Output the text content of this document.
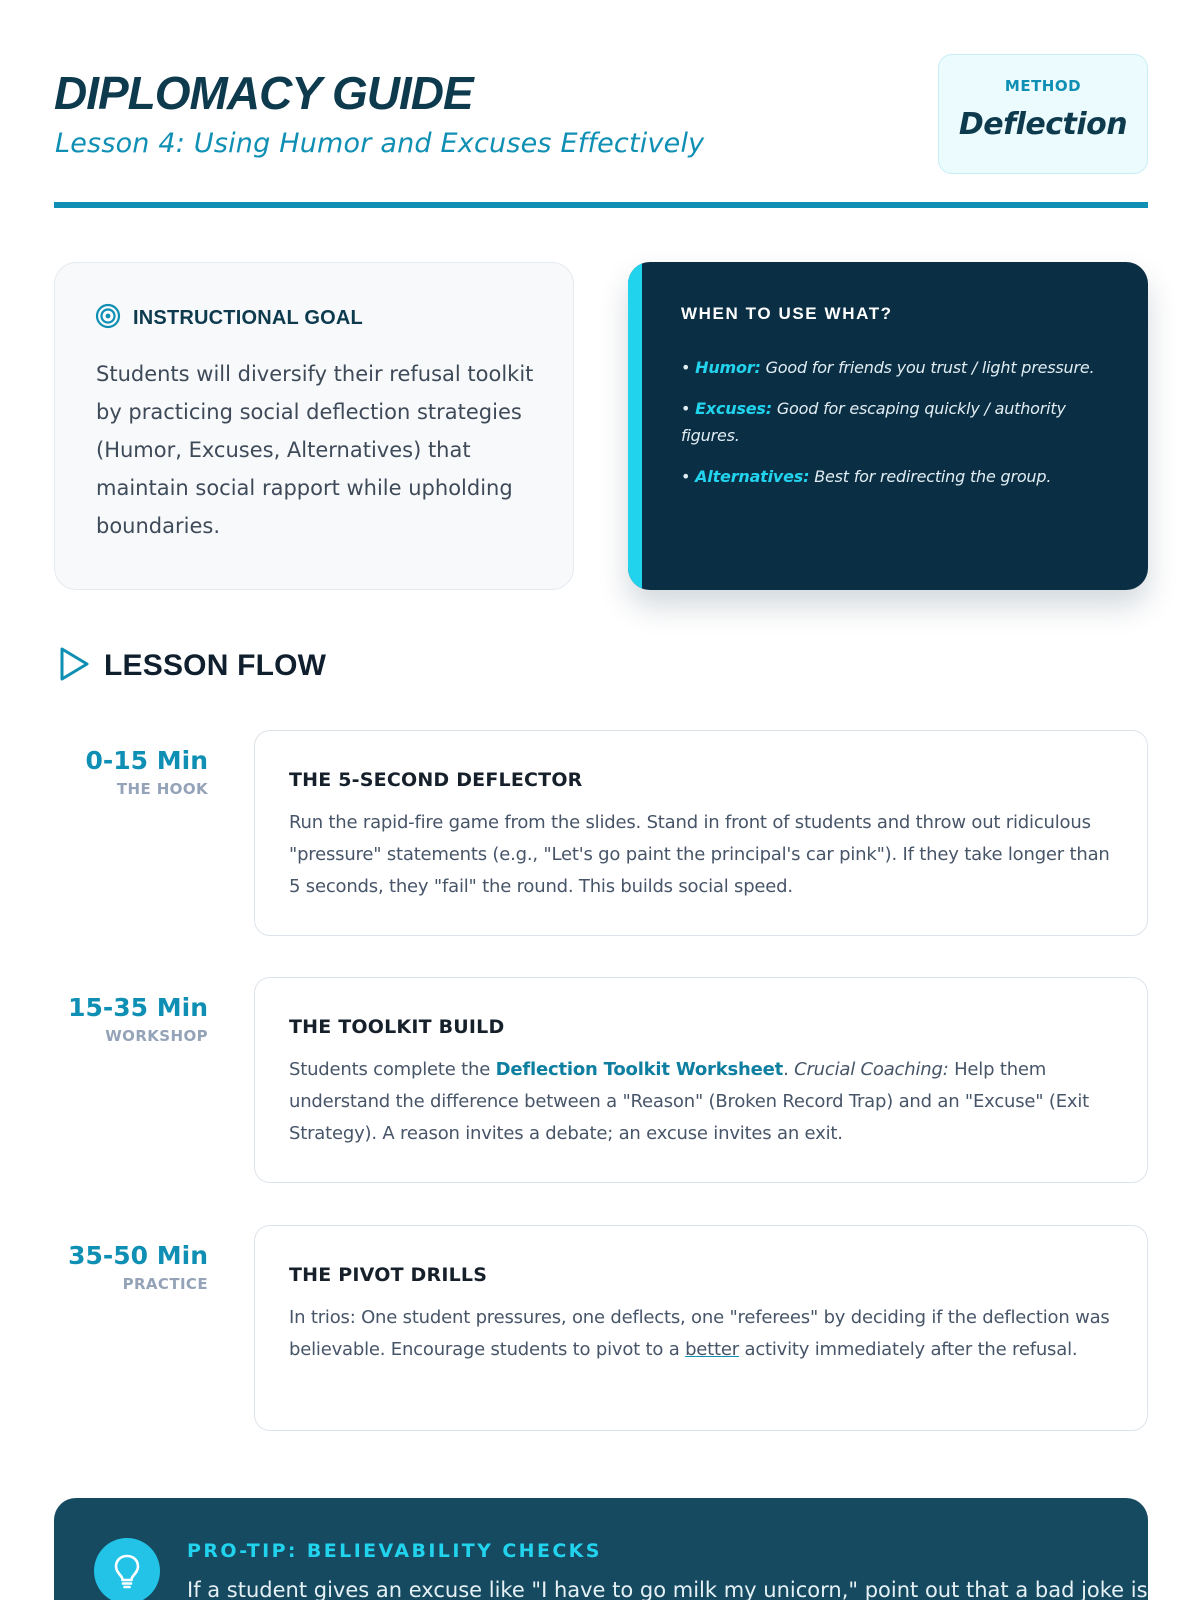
DIPLOMACY GUIDE
Lesson 4: Using Humor and Excuses Effectively
METHOD
Deflection
INSTRUCTIONAL GOAL

Students will diversify their refusal toolkit by practicing social deflection strategies (Humor, Excuses, Alternatives) that maintain social rapport while upholding boundaries.

WHEN TO USE WHAT?
• Humor: Good for friends you trust / light pressure.
• Excuses: Good for escaping quickly / authority figures.
• Alternatives: Best for redirecting the group.
LESSON FLOW
0-15 Min
THE HOOK	THE 5-SECOND DEFLECTOR

Run the rapid-fire game from the slides. Stand in front of students and throw out ridiculous "pressure" statements (e.g., "Let's go paint the principal's car pink"). If they take longer than 5 seconds, they "fail" the round. This builds social speed.

15-35 Min
WORKSHOP	THE TOOLKIT BUILD

Students complete the Deflection Toolkit Worksheet. Crucial Coaching: Help them understand the difference between a "Reason" (Broken Record Trap) and an "Excuse" (Exit Strategy). A reason invites a debate; an excuse invites an exit.

35-50 Min
PRACTICE	THE PIVOT DRILLS

In trios: One student pressures, one deflects, one "referees" by deciding if the deflection was believable. Encourage students to pivot to a better activity immediately after the refusal.

PRO-TIP: BELIEVABILITY CHECKS
If a student gives an excuse like "I have to go milk my unicorn," point out that a bad joke is
